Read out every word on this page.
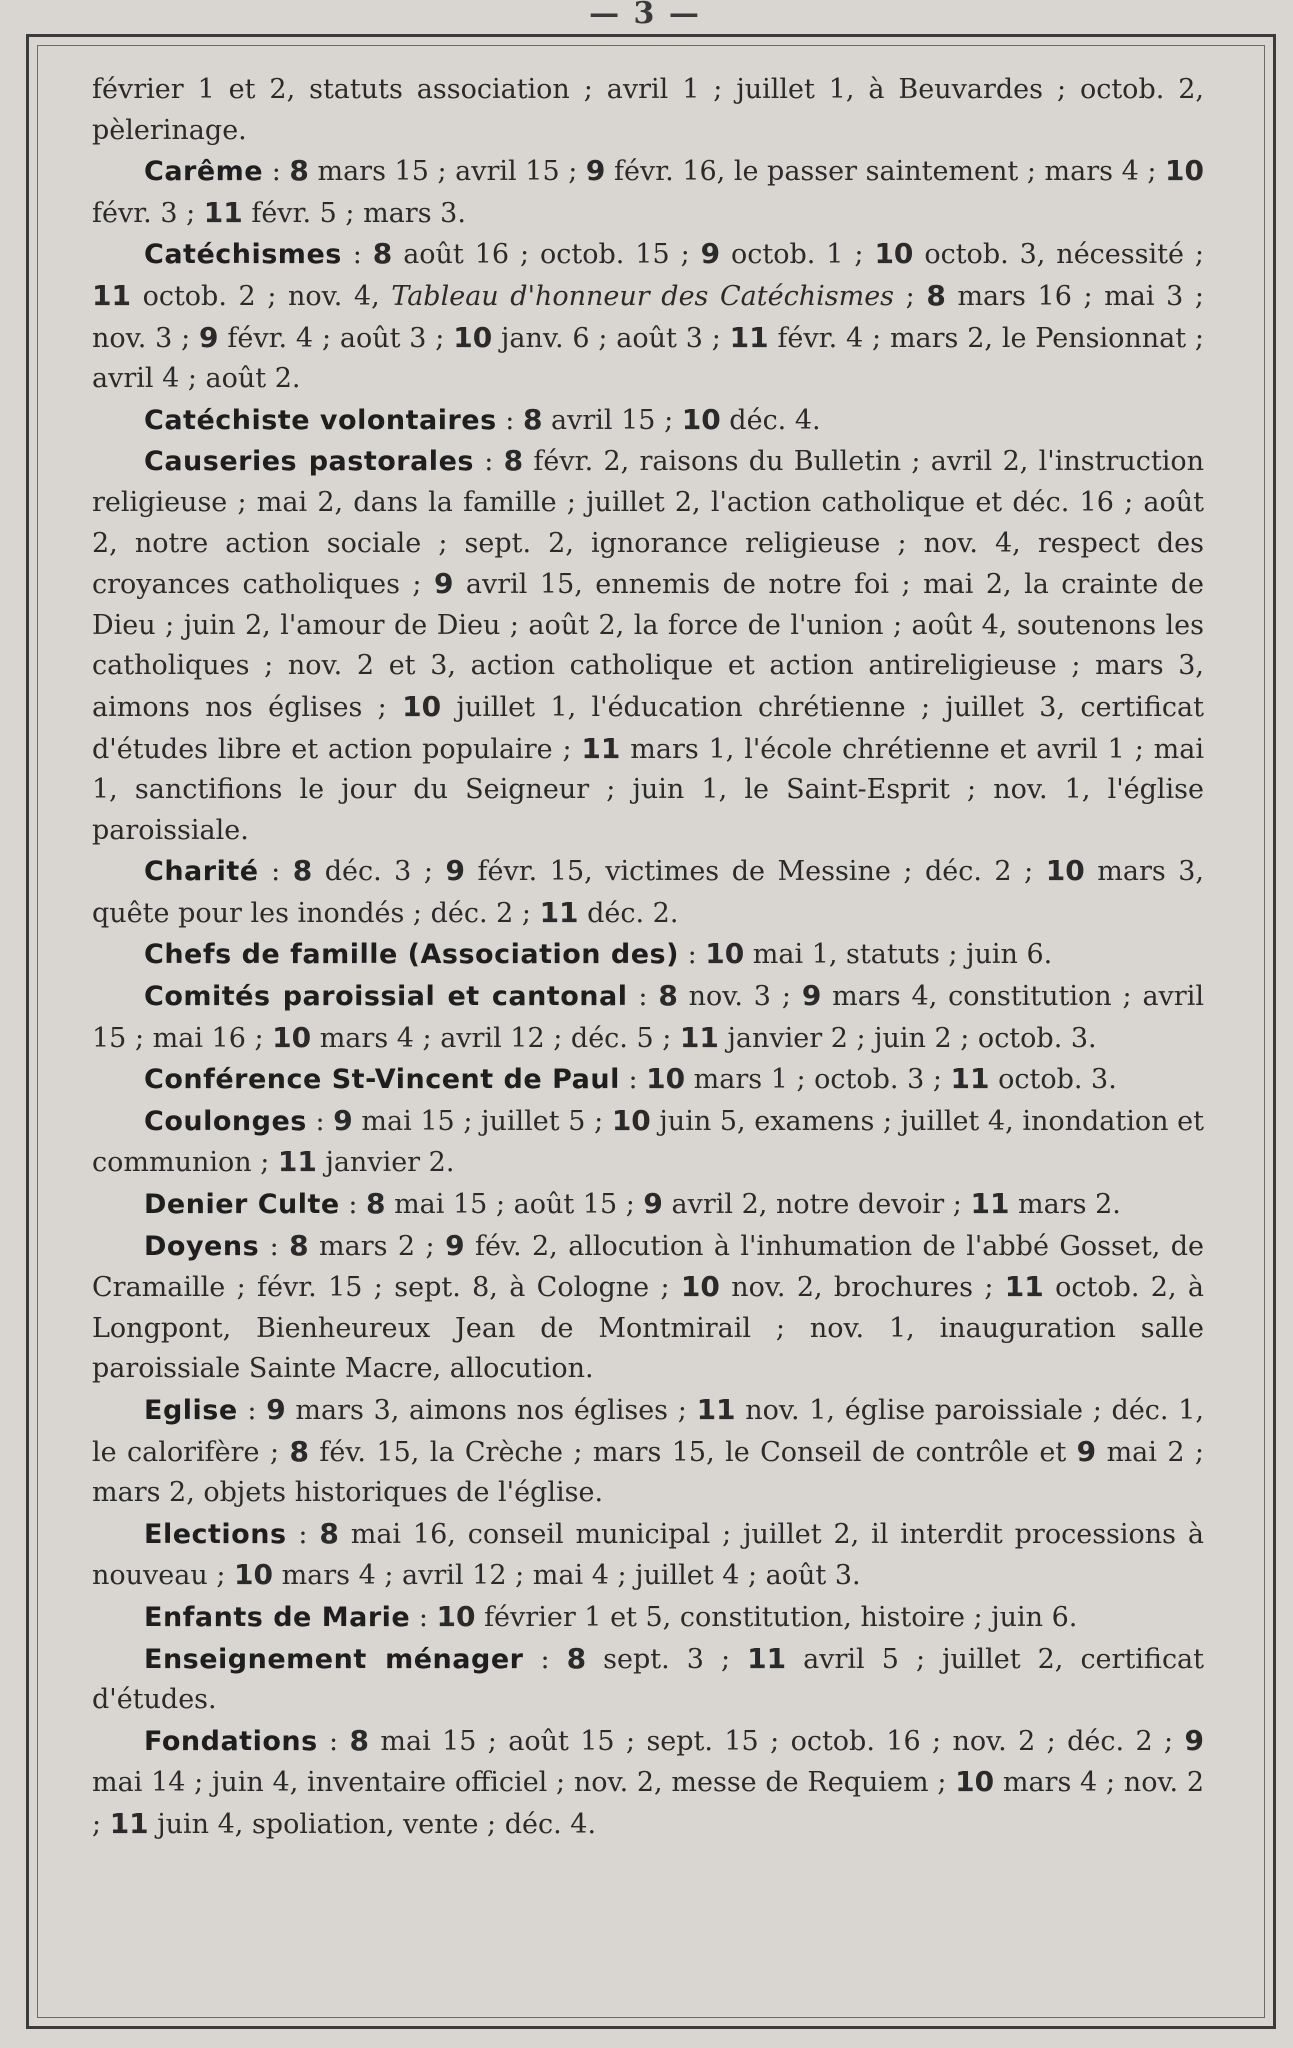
— 3 —

février 1 et 2, statuts association ; avril 1 ; juillet 1, à Beuvardes ; octob. 2, pèlerinage.

Carême : 8 mars 15 ; avril 15 ; 9 févr. 16, le passer saintement ; mars 4 ; 10 févr. 3 ; 11 févr. 5 ; mars 3.

Catéchismes : 8 août 16 ; octob. 15 ; 9 octob. 1 ; 10 octob. 3, nécessité ; 11 octob. 2 ; nov. 4, Tableau d'honneur des Catéchismes ; 8 mars 16 ; mai 3 ; nov. 3 ; 9 févr. 4 ; août 3 ; 10 janv. 6 ; août 3 ; 11 févr. 4 ; mars 2, le Pensionnat ; avril 4 ; août 2.

Catéchiste volontaires : 8 avril 15 ; 10 déc. 4.

Causeries pastorales : 8 févr. 2, raisons du Bulletin ; avril 2, l'instruction religieuse ; mai 2, dans la famille ; juillet 2, l'action catholique et déc. 16 ; août 2, notre action sociale ; sept. 2, ignorance religieuse ; nov. 4, respect des croyances catholiques ; 9 avril 15, ennemis de notre foi ; mai 2, la crainte de Dieu ; juin 2, l'amour de Dieu ; août 2, la force de l'union ; août 4, soutenons les catholiques ; nov. 2 et 3, action catholique et action antireligieuse ; mars 3, aimons nos églises ; 10 juillet 1, l'éducation chrétienne ; juillet 3, certificat d'études libre et action populaire ; 11 mars 1, l'école chrétienne et avril 1 ; mai 1, sanctifions le jour du Seigneur ; juin 1, le Saint-Esprit ; nov. 1, l'église paroissiale.

Charité : 8 déc. 3 ; 9 févr. 15, victimes de Messine ; déc. 2 ; 10 mars 3, quête pour les inondés ; déc. 2 ; 11 déc. 2.

Chefs de famille (Association des) : 10 mai 1, statuts ; juin 6.

Comités paroissial et cantonal : 8 nov. 3 ; 9 mars 4, constitution ; avril 15 ; mai 16 ; 10 mars 4 ; avril 12 ; déc. 5 ; 11 janvier 2 ; juin 2 ; octob. 3.

Conférence St-Vincent de Paul : 10 mars 1 ; octob. 3 ; 11 octob. 3.

Coulonges : 9 mai 15 ; juillet 5 ; 10 juin 5, examens ; juillet 4, inondation et communion ; 11 janvier 2.

Denier Culte : 8 mai 15 ; août 15 ; 9 avril 2, notre devoir ; 11 mars 2.

Doyens : 8 mars 2 ; 9 fév. 2, allocution à l'inhumation de l'abbé Gosset, de Cramaille ; févr. 15 ; sept. 8, à Cologne ; 10 nov. 2, brochures ; 11 octob. 2, à Longpont, Bienheureux Jean de Montmirail ; nov. 1, inauguration salle paroissiale Sainte Macre, allocution.

Eglise : 9 mars 3, aimons nos églises ; 11 nov. 1, église paroissiale ; déc. 1, le calorifère ; 8 fév. 15, la Crèche ; mars 15, le Conseil de contrôle et 9 mai 2 ; mars 2, objets historiques de l'église.

Elections : 8 mai 16, conseil municipal ; juillet 2, il interdit processions à nouveau ; 10 mars 4 ; avril 12 ; mai 4 ; juillet 4 ; août 3.

Enfants de Marie : 10 février 1 et 5, constitution, histoire ; juin 6.

Enseignement ménager : 8 sept. 3 ; 11 avril 5 ; juillet 2, certificat d'études.

Fondations : 8 mai 15 ; août 15 ; sept. 15 ; octob. 16 ; nov. 2 ; déc. 2 ; 9 mai 14 ; juin 4, inventaire officiel ; nov. 2, messe de Requiem ; 10 mars 4 ; nov. 2 ; 11 juin 4, spoliation, vente ; déc. 4.
